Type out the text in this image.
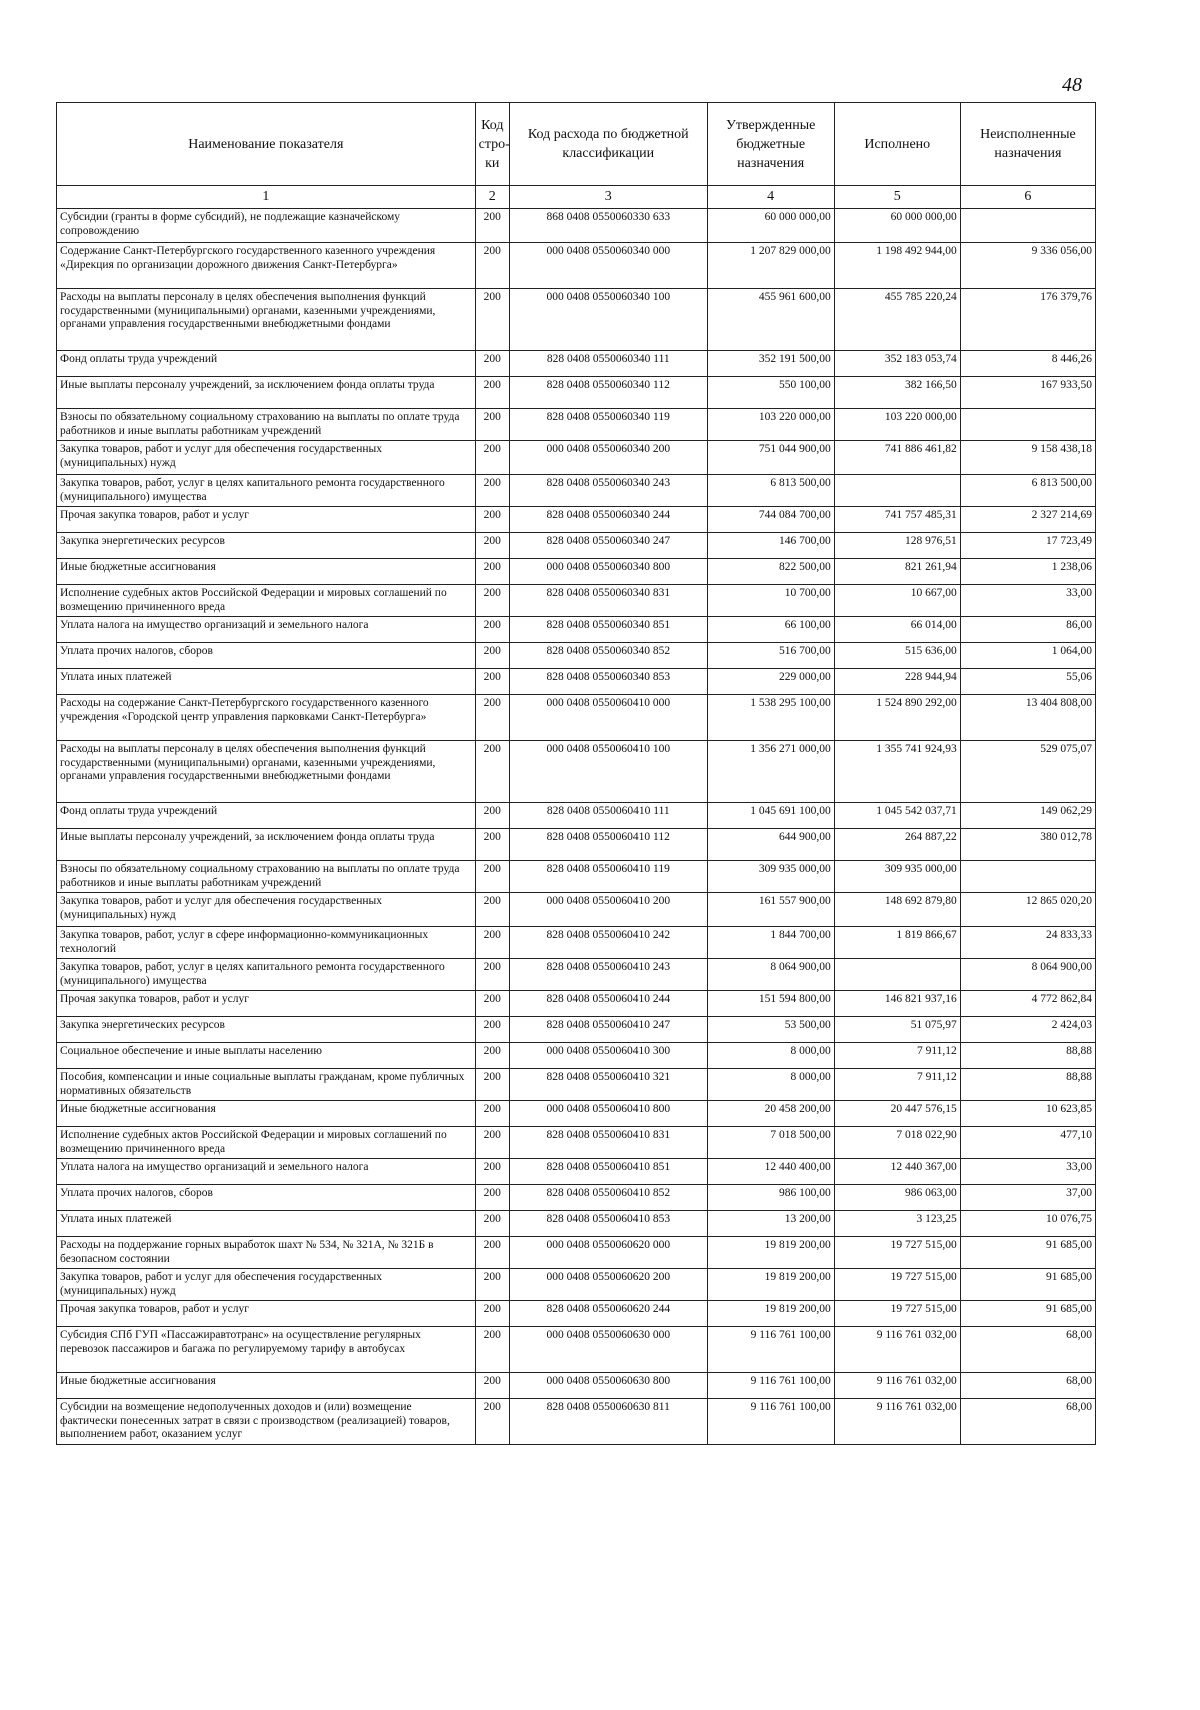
48
Наименование показателя	Код стро-ки	Код расхода по бюджетной классификации	Утвержденные бюджетные назначения	Исполнено	Неисполненные назначения
1	2	3	4	5	6
Субсидии (гранты в форме субсидий), не подлежащие казначейскому сопровождению	200	868 0408 0550060330 633	60 000 000,00	60 000 000,00	
Содержание Санкт-Петербургского государственного казенного учреждения «Дирекция по организации дорожного движения Санкт-Петербурга»	200	000 0408 0550060340 000	1 207 829 000,00	1 198 492 944,00	9 336 056,00
Расходы на выплаты персоналу в целях обеспечения выполнения функций государственными (муниципальными) органами, казенными учреждениями, органами управления государственными внебюджетными фондами	200	000 0408 0550060340 100	455 961 600,00	455 785 220,24	176 379,76
Фонд оплаты труда учреждений	200	828 0408 0550060340 111	352 191 500,00	352 183 053,74	8 446,26
Иные выплаты персоналу учреждений, за исключением фонда оплаты труда	200	828 0408 0550060340 112	550 100,00	382 166,50	167 933,50
Взносы по обязательному социальному страхованию на выплаты по оплате труда работников и иные выплаты работникам учреждений	200	828 0408 0550060340 119	103 220 000,00	103 220 000,00	
Закупка товаров, работ и услуг для обеспечения государственных (муниципальных) нужд	200	000 0408 0550060340 200	751 044 900,00	741 886 461,82	9 158 438,18
Закупка товаров, работ, услуг в целях капитального ремонта государственного (муниципального) имущества	200	828 0408 0550060340 243	6 813 500,00		6 813 500,00
Прочая закупка товаров, работ и услуг	200	828 0408 0550060340 244	744 084 700,00	741 757 485,31	2 327 214,69
Закупка энергетических ресурсов	200	828 0408 0550060340 247	146 700,00	128 976,51	17 723,49
Иные бюджетные ассигнования	200	000 0408 0550060340 800	822 500,00	821 261,94	1 238,06
Исполнение судебных актов Российской Федерации и мировых соглашений по возмещению причиненного вреда	200	828 0408 0550060340 831	10 700,00	10 667,00	33,00
Уплата налога на имущество организаций и земельного налога	200	828 0408 0550060340 851	66 100,00	66 014,00	86,00
Уплата прочих налогов, сборов	200	828 0408 0550060340 852	516 700,00	515 636,00	1 064,00
Уплата иных платежей	200	828 0408 0550060340 853	229 000,00	228 944,94	55,06
Расходы на содержание Санкт-Петербургского государственного казенного учреждения «Городской центр управления парковками Санкт-Петербурга»	200	000 0408 0550060410 000	1 538 295 100,00	1 524 890 292,00	13 404 808,00
Расходы на выплаты персоналу в целях обеспечения выполнения функций государственными (муниципальными) органами, казенными учреждениями, органами управления государственными внебюджетными фондами	200	000 0408 0550060410 100	1 356 271 000,00	1 355 741 924,93	529 075,07
Фонд оплаты труда учреждений	200	828 0408 0550060410 111	1 045 691 100,00	1 045 542 037,71	149 062,29
Иные выплаты персоналу учреждений, за исключением фонда оплаты труда	200	828 0408 0550060410 112	644 900,00	264 887,22	380 012,78
Взносы по обязательному социальному страхованию на выплаты по оплате труда работников и иные выплаты работникам учреждений	200	828 0408 0550060410 119	309 935 000,00	309 935 000,00	
Закупка товаров, работ и услуг для обеспечения государственных (муниципальных) нужд	200	000 0408 0550060410 200	161 557 900,00	148 692 879,80	12 865 020,20
Закупка товаров, работ, услуг в сфере информационно-коммуникационных технологий	200	828 0408 0550060410 242	1 844 700,00	1 819 866,67	24 833,33
Закупка товаров, работ, услуг в целях капитального ремонта государственного (муниципального) имущества	200	828 0408 0550060410 243	8 064 900,00		8 064 900,00
Прочая закупка товаров, работ и услуг	200	828 0408 0550060410 244	151 594 800,00	146 821 937,16	4 772 862,84
Закупка энергетических ресурсов	200	828 0408 0550060410 247	53 500,00	51 075,97	2 424,03
Социальное обеспечение и иные выплаты населению	200	000 0408 0550060410 300	8 000,00	7 911,12	88,88
Пособия, компенсации и иные социальные выплаты гражданам, кроме публичных нормативных обязательств	200	828 0408 0550060410 321	8 000,00	7 911,12	88,88
Иные бюджетные ассигнования	200	000 0408 0550060410 800	20 458 200,00	20 447 576,15	10 623,85
Исполнение судебных актов Российской Федерации и мировых соглашений по возмещению причиненного вреда	200	828 0408 0550060410 831	7 018 500,00	7 018 022,90	477,10
Уплата налога на имущество организаций и земельного налога	200	828 0408 0550060410 851	12 440 400,00	12 440 367,00	33,00
Уплата прочих налогов, сборов	200	828 0408 0550060410 852	986 100,00	986 063,00	37,00
Уплата иных платежей	200	828 0408 0550060410 853	13 200,00	3 123,25	10 076,75
Расходы на поддержание горных выработок шахт № 534, № 321А, № 321Б в безопасном состоянии	200	000 0408 0550060620 000	19 819 200,00	19 727 515,00	91 685,00
Закупка товаров, работ и услуг для обеспечения государственных (муниципальных) нужд	200	000 0408 0550060620 200	19 819 200,00	19 727 515,00	91 685,00
Прочая закупка товаров, работ и услуг	200	828 0408 0550060620 244	19 819 200,00	19 727 515,00	91 685,00
Субсидия СПб ГУП «Пассажиравтотранс» на осуществление регулярных перевозок пассажиров и багажа по регулируемому тарифу в автобусах	200	000 0408 0550060630 000	9 116 761 100,00	9 116 761 032,00	68,00
Иные бюджетные ассигнования	200	000 0408 0550060630 800	9 116 761 100,00	9 116 761 032,00	68,00
Субсидии на возмещение недополученных доходов и (или) возмещение фактически понесенных затрат в связи с производством (реализацией) товаров, выполнением работ, оказанием услуг	200	828 0408 0550060630 811	9 116 761 100,00	9 116 761 032,00	68,00
